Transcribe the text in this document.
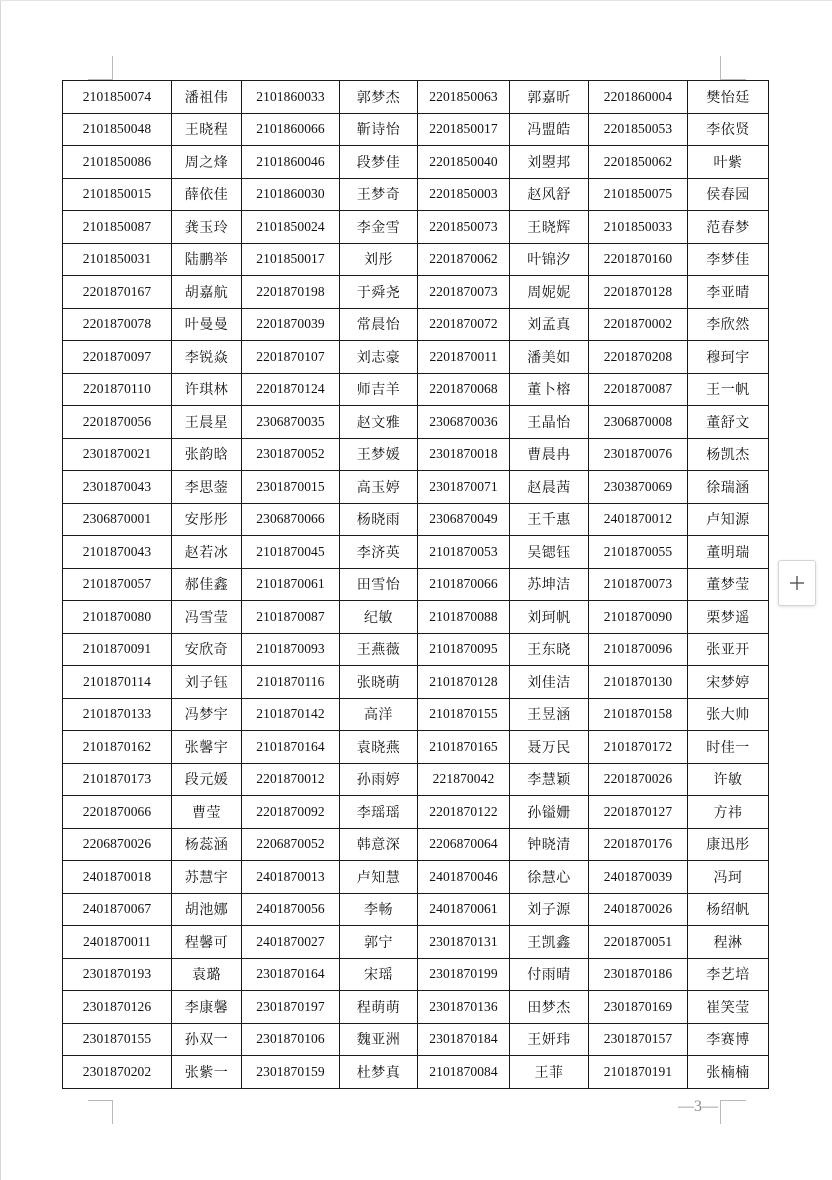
2101850074	潘祖伟	2101860033	郭梦杰	2201850063	郭嘉昕	2201860004	樊怡廷
2101850048	王晓程	2101860066	靳诗怡	2201850017	冯盟皓	2201850053	李依贤
2101850086	周之烽	2101860046	段梦佳	2201850040	刘曌邦	2201850062	叶紫
2101850015	薛依佳	2101860030	王梦奇	2201850003	赵风舒	2101850075	侯春园
2101850087	龚玉玲	2101850024	李金雪	2201850073	王晓辉	2101850033	范春梦
2101850031	陆鹏举	2101850017	刘彤	2201870062	叶锦汐	2201870160	李梦佳
2201870167	胡嘉航	2201870198	于舜尧	2201870073	周妮妮	2201870128	李亚晴
2201870078	叶曼曼	2201870039	常晨怡	2201870072	刘孟真	2201870002	李欣然
2201870097	李锐焱	2201870107	刘志豪	2201870011	潘美如	2201870208	穆珂宇
2201870110	许琪林	2201870124	师吉羊	2201870068	董卜榕	2201870087	王一帆
2201870056	王晨星	2306870035	赵文雅	2306870036	王晶怡	2306870008	董舒文
2301870021	张韵晗	2301870052	王梦媛	2301870018	曹晨冉	2301870076	杨凯杰
2301870043	李思蓥	2301870015	高玉婷	2301870071	赵晨茜	2303870069	徐瑞涵
2306870001	安彤彤	2306870066	杨晓雨	2306870049	王千惠	2401870012	卢知源
2101870043	赵若冰	2101870045	李济英	2101870053	吴锶钰	2101870055	董明瑞
2101870057	郝佳鑫	2101870061	田雪怡	2101870066	苏坤洁	2101870073	董梦莹
2101870080	冯雪莹	2101870087	纪敏	2101870088	刘珂帆	2101870090	栗梦遥
2101870091	安欣奇	2101870093	王燕薇	2101870095	王东晓	2101870096	张亚开
2101870114	刘子钰	2101870116	张晓萌	2101870128	刘佳洁	2101870130	宋梦婷
2101870133	冯梦宇	2101870142	高洋	2101870155	王昱涵	2101870158	张大帅
2101870162	张馨宇	2101870164	袁晓燕	2101870165	聂万民	2101870172	时佳一
2101870173	段元媛	2201870012	孙雨婷	221870042	李慧颖	2201870026	许敏
2201870066	曹莹	2201870092	李瑶瑶	2201870122	孙镒姗	2201870127	方祎
2206870026	杨蕊涵	2206870052	韩意深	2206870064	钟晓清	2201870176	康迅彤
2401870018	苏慧宇	2401870013	卢知慧	2401870046	徐慧心	2401870039	冯珂
2401870067	胡池娜	2401870056	李畅	2401870061	刘子源	2401870026	杨绍帆
2401870011	程馨可	2401870027	郭宁	2301870131	王凯鑫	2201870051	程淋
2301870193	袁璐	2301870164	宋瑶	2301870199	付雨晴	2301870186	李艺培
2301870126	李康馨	2301870197	程萌萌	2301870136	田梦杰	2301870169	崔笑莹
2301870155	孙双一	2301870106	魏亚洲	2301870184	王妍玮	2301870157	李赛博
2301870202	张紫一	2301870159	杜梦真	2101870084	王菲	2101870191	张楠楠
—3—
